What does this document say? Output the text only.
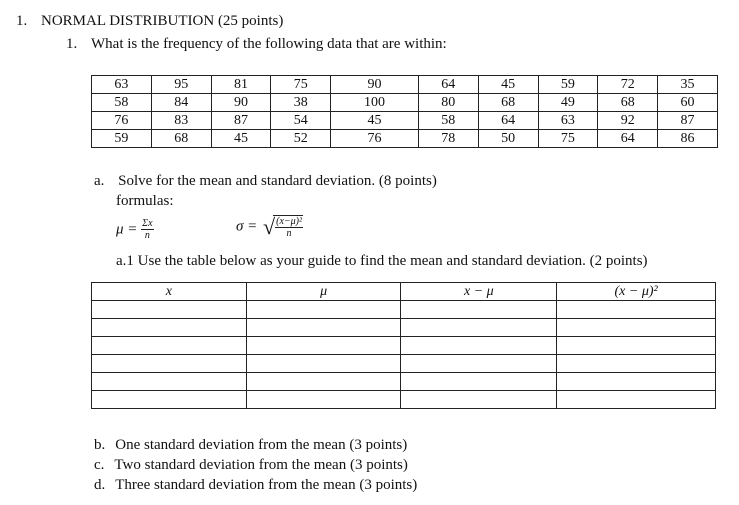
1. NORMAL DISTRIBUTION (25 points)
1. What is the frequency of the following data that are within:
63	95	81	75	90	64	45	59	72	35
58	84	90	38	100	80	68	49	68	60
76	83	87	54	45	58	64	63	92	87
59	68	45	52	76	78	50	75	64	86
a. Solve for the mean and standard deviation. (8 points)
formulas:
$\mu = \frac{\Sigma x}{n}$	σ = √
$\frac{\text{(x−μ)²}}{n}$
a.1 Use the table below as your guide to find the mean and standard deviation. (2 points)
x	μ	x − μ	(x − μ)²

b. One standard deviation from the mean (3 points)
c. Two standard deviation from the mean (3 points)
d. Three standard deviation from the mean (3 points)
